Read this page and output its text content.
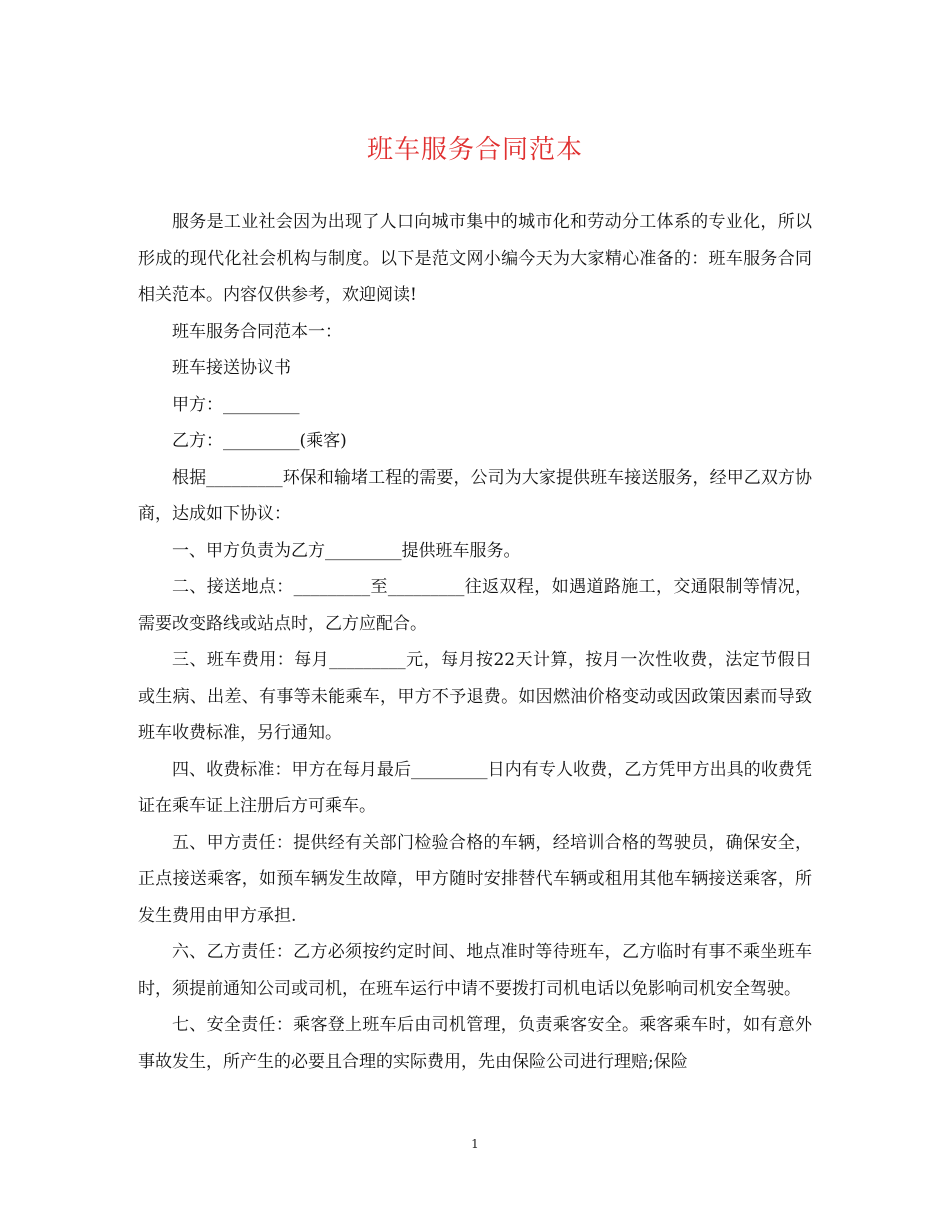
班车服务合同范本

服务是工业社会因为出现了人口向城市集中的城市化和劳动分工体系的专业化，所以形成的现代化社会机构与制度。以下是范文网小编今天为大家精心准备的：班车服务合同相关范本。内容仅供参考，欢迎阅读!

班车服务合同范本一：

班车接送协议书

甲方：_________

乙方：_________(乘客)

根据_________环保和输堵工程的需要，公司为大家提供班车接送服务，经甲乙双方协商，达成如下协议：

一、甲方负责为乙方_________提供班车服务。

二、接送地点：_________至_________往返双程，如遇道路施工，交通限制等情况，需要改变路线或站点时，乙方应配合。

三、班车费用：每月_________元，每月按22天计算，按月一次性收费，法定节假日或生病、出差、有事等未能乘车，甲方不予退费。如因燃油价格变动或因政策因素而导致班车收费标准，另行通知。

四、收费标准：甲方在每月最后_________日内有专人收费，乙方凭甲方出具的收费凭证在乘车证上注册后方可乘车。

五、甲方责任：提供经有关部门检验合格的车辆，经培训合格的驾驶员，确保安全，正点接送乘客，如预车辆发生故障，甲方随时安排替代车辆或租用其他车辆接送乘客，所发生费用由甲方承担.

六、乙方责任：乙方必须按约定时间、地点准时等待班车，乙方临时有事不乘坐班车时，须提前通知公司或司机，在班车运行中请不要拨打司机电话以免影响司机安全驾驶。

七、安全责任：乘客登上班车后由司机管理，负责乘客安全。乘客乘车时，如有意外事故发生，所产生的必要且合理的实际费用，先由保险公司进行理赔;保险

1
